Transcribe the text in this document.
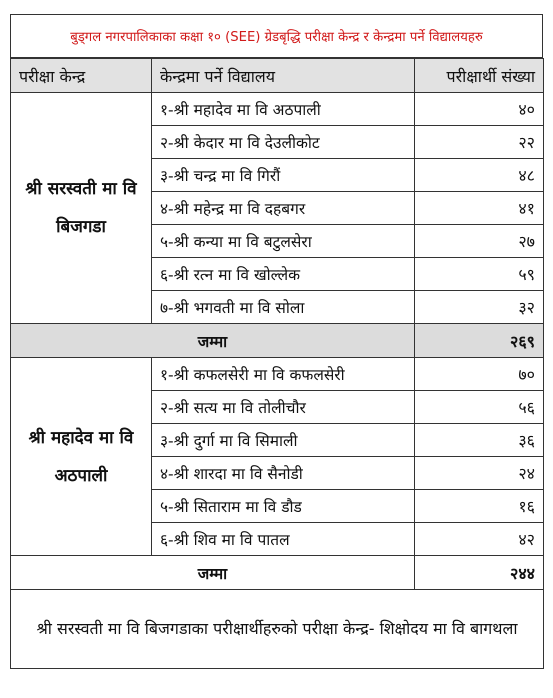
बुड्गल नगरपालिकाका कक्षा १० (SEE) ग्रेडबृद्धि परीक्षा केन्द्र र केन्द्रमा पर्ने विद्यालयहरु
परीक्षा केन्द्र	केन्द्रमा पर्ने विद्यालय	परीक्षार्थी संख्या
श्री सरस्वती मा वि बिजगडा	१-श्री महादेव मा वि अठपाली	४०
	२-श्री केदार मा वि देउलीकोट	२२
	३-श्री चन्द्र मा वि गिरौं	४८
	४-श्री महेन्द्र मा वि दहबगर	४१
	५-श्री कन्या मा वि बटुलसेरा	२७
	६-श्री रत्न मा वि खोल्लेक	५९
	७-श्री भगवती मा वि सोला	३२
जम्मा		२६९
श्री महादेव मा वि अठपाली	१-श्री कफलसेरी मा वि कफलसेरी	७०
	२-श्री सत्य मा वि तोलीचौर	५६
	३-श्री दुर्गा मा वि सिमाली	३६
	४-श्री शारदा मा वि सैनोडी	२४
	५-श्री सिताराम मा वि डौड	१६
	६-श्री शिव मा वि पातल	४२
जम्मा		२४४
श्री सरस्वती मा वि बिजगडाका परीक्षार्थीहरुको परीक्षा केन्द्र- शिक्षोदय मा वि बागथला		
